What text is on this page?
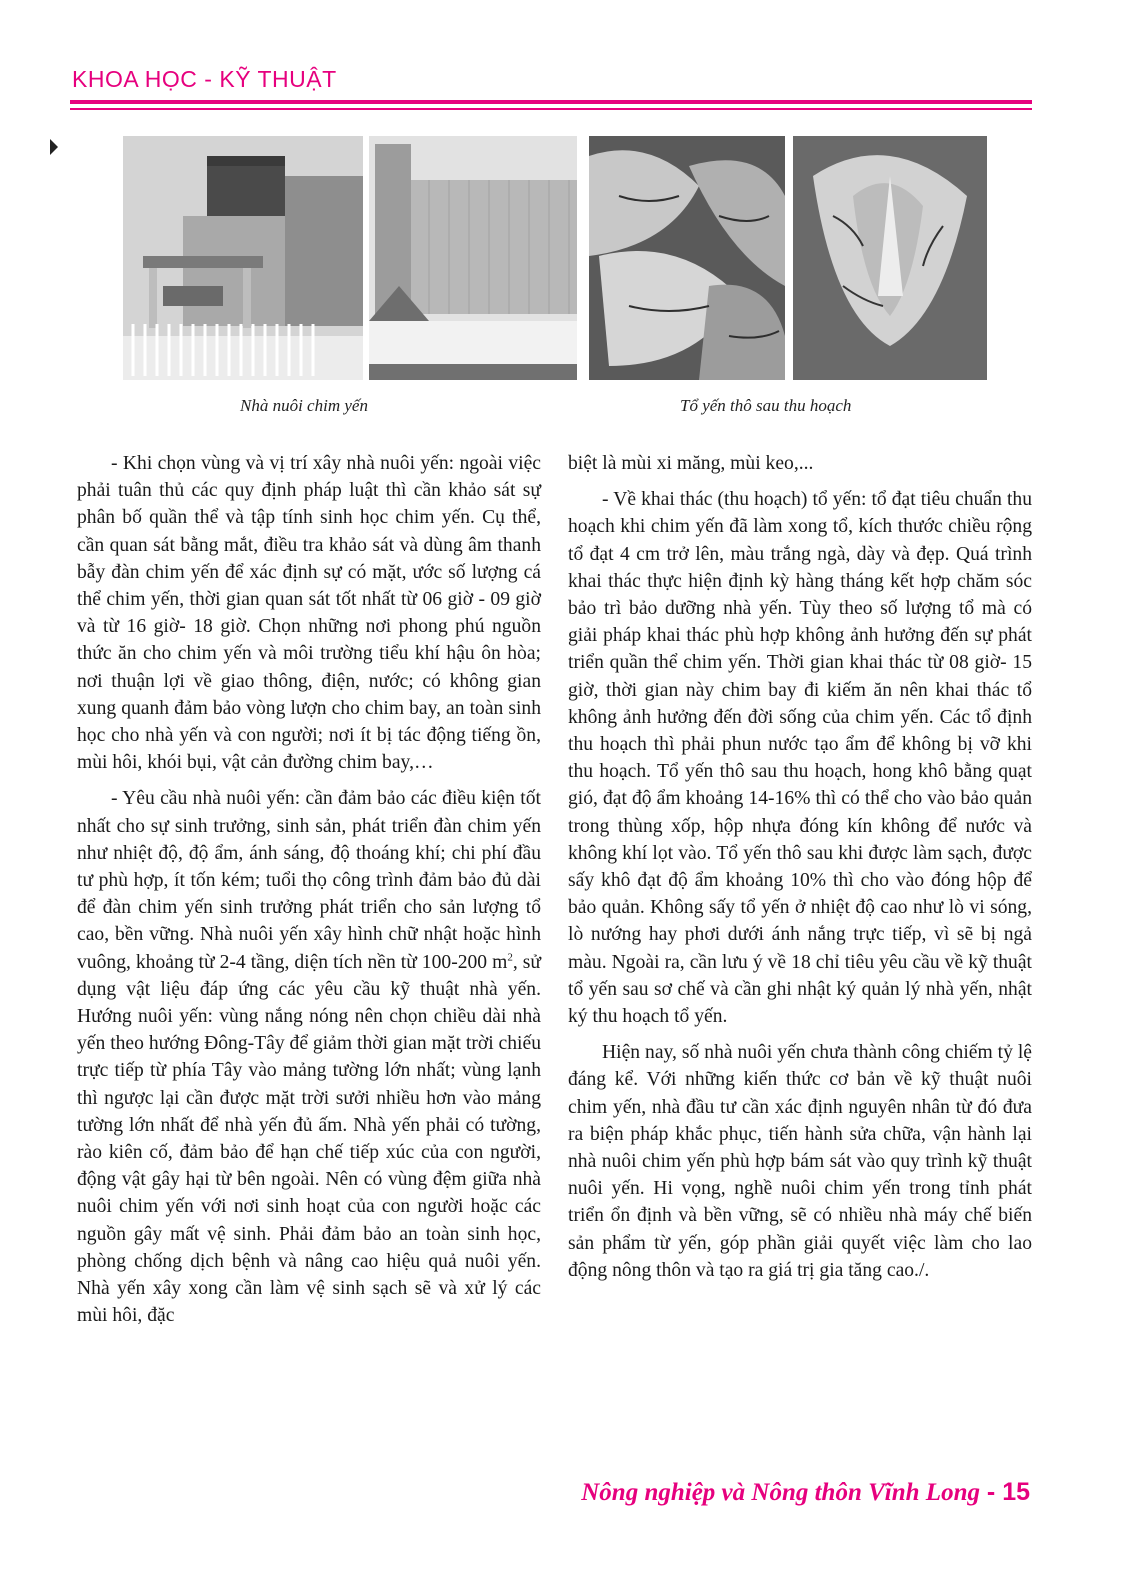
KHOA HỌC - KỸ THUẬT
Nhà nuôi chim yến	Tổ yến thô sau thu hoạch

- Khi chọn vùng và vị trí xây nhà nuôi yến: ngoài việc phải tuân thủ các quy định pháp luật thì cần khảo sát sự phân bố quần thể và tập tính sinh học chim yến. Cụ thể, cần quan sát bằng mắt, điều tra khảo sát và dùng âm thanh bẫy đàn chim yến để xác định sự có mặt, ước số lượng cá thể chim yến, thời gian quan sát tốt nhất từ 06 giờ - 09 giờ và từ 16 giờ- 18 giờ. Chọn những nơi phong phú nguồn thức ăn cho chim yến và môi trường tiểu khí hậu ôn hòa; nơi thuận lợi về giao thông, điện, nước; có không gian xung quanh đảm bảo vòng lượn cho chim bay, an toàn sinh học cho nhà yến và con người; nơi ít bị tác động tiếng ồn, mùi hôi, khói bụi, vật cản đường chim bay,…

- Yêu cầu nhà nuôi yến: cần đảm bảo các điều kiện tốt nhất cho sự sinh trưởng, sinh sản, phát triển đàn chim yến như nhiệt độ, độ ẩm, ánh sáng, độ thoáng khí; chi phí đầu tư phù hợp, ít tốn kém; tuổi thọ công trình đảm bảo đủ dài để đàn chim yến sinh trưởng phát triển cho sản lượng tổ cao, bền vững. Nhà nuôi yến xây hình chữ nhật hoặc hình vuông, khoảng từ 2-4 tầng, diện tích nền từ 100-200 $m^2$, sử dụng vật liệu đáp ứng các yêu cầu kỹ thuật nhà yến. Hướng nuôi yến: vùng nắng nóng nên chọn chiều dài nhà yến theo hướng Đông-Tây để giảm thời gian mặt trời chiếu trực tiếp từ phía Tây vào mảng tường lớn nhất; vùng lạnh thì ngược lại cần được mặt trời sưởi nhiều hơn vào mảng tường lớn nhất để nhà yến đủ ấm. Nhà yến phải có tường, rào kiên cố, đảm bảo để hạn chế tiếp xúc của con người, động vật gây hại từ bên ngoài. Nên có vùng đệm giữa nhà nuôi chim yến với nơi sinh hoạt của con người hoặc các nguồn gây mất vệ sinh. Phải đảm bảo an toàn sinh học, phòng chống dịch bệnh và nâng cao hiệu quả nuôi yến. Nhà yến xây xong cần làm vệ sinh sạch sẽ và xử lý các mùi hôi, đặc

biệt là mùi xi măng, mùi keo,...

- Về khai thác (thu hoạch) tổ yến: tổ đạt tiêu chuẩn thu hoạch khi chim yến đã làm xong tổ, kích thước chiều rộng tổ đạt 4 cm trở lên, màu trắng ngà, dày và đẹp. Quá trình khai thác thực hiện định kỳ hàng tháng kết hợp chăm sóc bảo trì bảo dưỡng nhà yến. Tùy theo số lượng tổ mà có giải pháp khai thác phù hợp không ảnh hưởng đến sự phát triển quần thể chim yến. Thời gian khai thác từ 08 giờ- 15 giờ, thời gian này chim bay đi kiếm ăn nên khai thác tổ không ảnh hưởng đến đời sống của chim yến. Các tổ định thu hoạch thì phải phun nước tạo ẩm để không bị vỡ khi thu hoạch. Tổ yến thô sau thu hoạch, hong khô bằng quạt gió, đạt độ ẩm khoảng 14-16% thì có thể cho vào bảo quản trong thùng xốp, hộp nhựa đóng kín không để nước và không khí lọt vào. Tổ yến thô sau khi được làm sạch, được sấy khô đạt độ ẩm khoảng 10% thì cho vào đóng hộp để bảo quản. Không sấy tổ yến ở nhiệt độ cao như lò vi sóng, lò nướng hay phơi dưới ánh nắng trực tiếp, vì sẽ bị ngả màu. Ngoài ra, cần lưu ý về 18 chỉ tiêu yêu cầu về kỹ thuật tổ yến sau sơ chế và cần ghi nhật ký quản lý nhà yến, nhật ký thu hoạch tổ yến.

Hiện nay, số nhà nuôi yến chưa thành công chiếm tỷ lệ đáng kể. Với những kiến thức cơ bản về kỹ thuật nuôi chim yến, nhà đầu tư cần xác định nguyên nhân từ đó đưa ra biện pháp khắc phục, tiến hành sửa chữa, vận hành lại nhà nuôi chim yến phù hợp bám sát vào quy trình kỹ thuật nuôi yến. Hi vọng, nghề nuôi chim yến trong tỉnh phát triển ổn định và bền vững, sẽ có nhiều nhà máy chế biến sản phẩm từ yến, góp phần giải quyết việc làm cho lao động nông thôn và tạo ra giá trị gia tăng cao./.

Nông nghiệp và Nông thôn Vĩnh Long - 15
